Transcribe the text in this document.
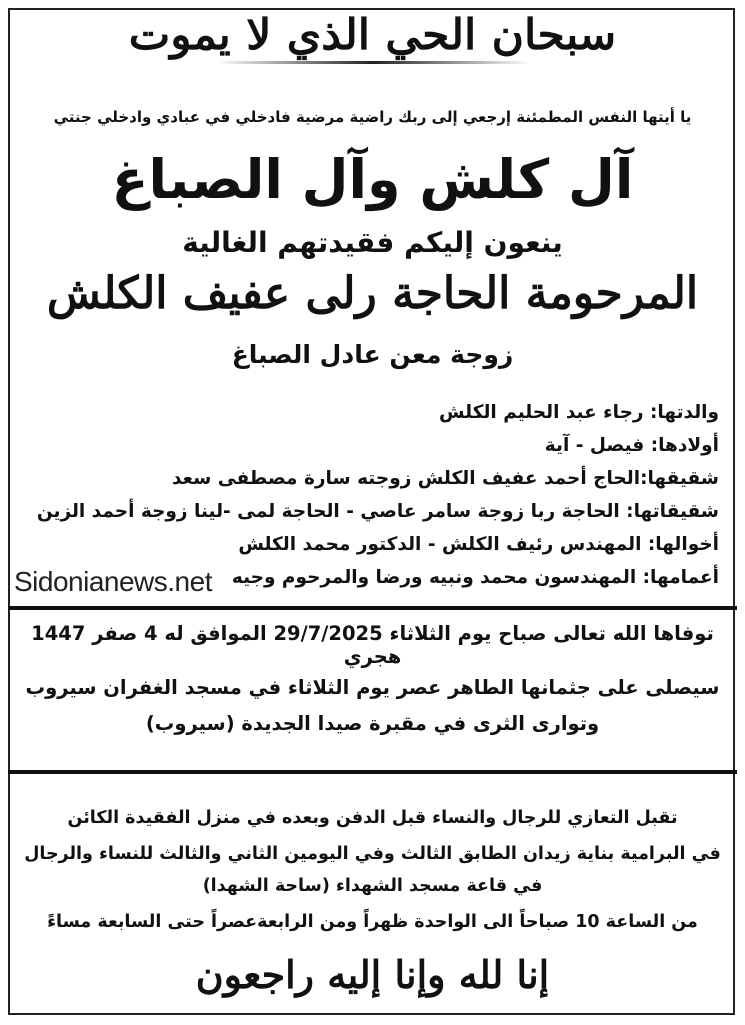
سبحان الحي الذي لا يموت
يا أيتها النفس المطمئنة إرجعي إلى ربك راضية مرضية فادخلي في عبادي وادخلي جنتي
آل كلش وآل الصباغ
ينعون إليكم فقيدتهم الغالية
المرحومة الحاجة رلى عفيف الكلش
زوجة معن عادل الصباغ
والدتها: رجاء عبد الحليم الكلش
أولادها: فيصل - آية
شقيقها:الحاج أحمد عفيف الكلش زوجته سارة مصطفى سعد
شقيقاتها: الحاجة ربا زوجة سامر عاصي - الحاجة لمى -لينا زوجة أحمد الزين
أخوالها: المهندس رئيف الكلش - الدكتور محمد الكلش
أعمامها: المهندسون محمد ونبيه ورضا والمرحوم وجيه
Sidonianews.net
توفاها الله تعالى صباح يوم الثلاثاء 29/7/2025 الموافق له 4 صفر 1447 هجري
سيصلى على جثمانها الطاهر عصر يوم الثلاثاء في مسجد الغفران سيروب
وتوارى الثرى في مقبرة صيدا الجديدة (سيروب)
تقبل التعازي للرجال والنساء قبل الدفن وبعده في منزل الفقيدة الكائن
في البرامية بناية زيدان الطابق الثالث وفي اليومين الثاني والثالث للنساء والرجال
في قاعة مسجد الشهداء (ساحة الشهدا)
من الساعة 10 صباحاً الى الواحدة ظهراً ومن الرابعةعصراً حتى السابعة مساءً
إنا لله وإنا إليه راجعون
